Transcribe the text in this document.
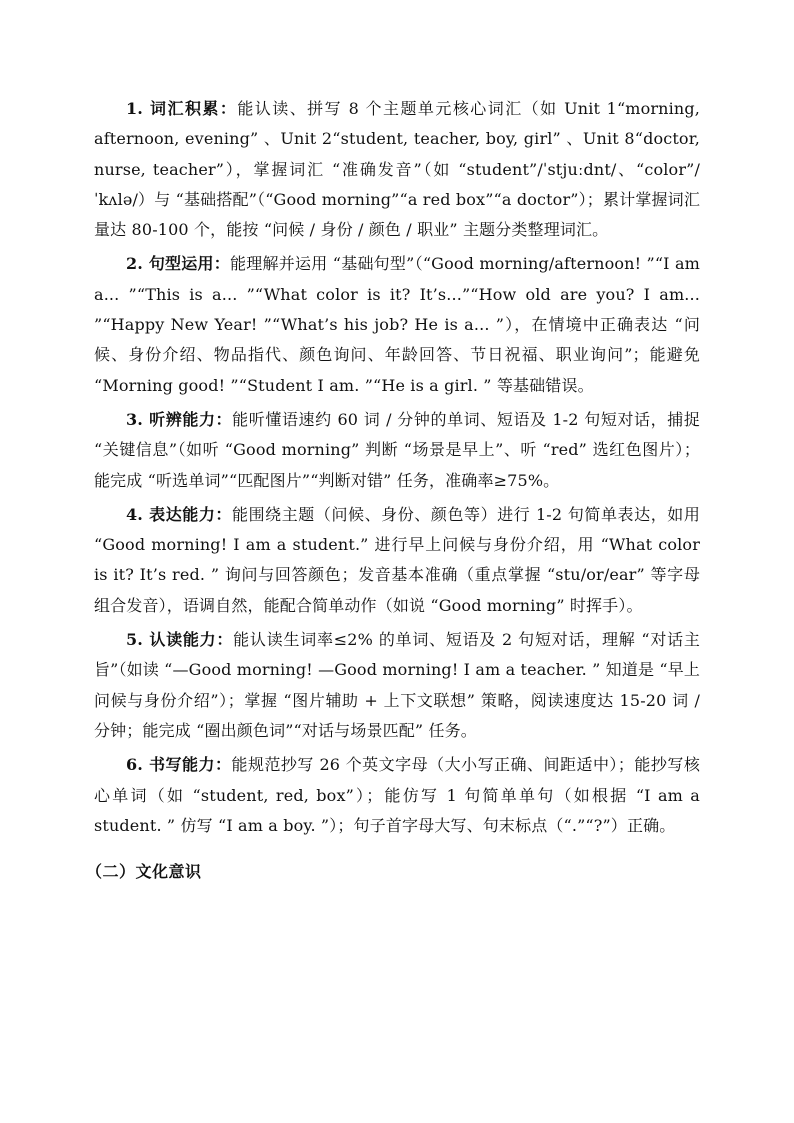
1. 词汇积累：能认读、拼写 8 个主题单元核心词汇（如 Unit 1“morning, afternoon, evening” 、Unit 2“student, teacher, boy, girl” 、Unit 8“doctor, nurse, teacher”），掌握词汇 “准确发音”（如 “student”/ˈstjuːdnt/、“color”/ˈkʌlə/）与 “基础搭配”（“Good morning”“a red box”“a doctor”）；累计掌握词汇量达 80-100 个，能按 “问候 / 身份 / 颜色 / 职业” 主题分类整理词汇。

2. 句型运用：能理解并运用 “基础句型”（“Good morning/afternoon! ”“I am a... ”“This is a... ”“What color is it? It’s...”“How old are you? I am... ”“Happy New Year! ”“What’s his job? He is a... ”），在情境中正确表达 “问候、身份介绍、物品指代、颜色询问、年龄回答、节日祝福、职业询问”；能避免 “Morning good! ”“Student I am. ”“He is a girl. ” 等基础错误。

3. 听辨能力：能听懂语速约 60 词 / 分钟的单词、短语及 1-2 句短对话，捕捉 “关键信息”（如听 “Good morning” 判断 “场景是早上”、听 “red” 选红色图片）；能完成 “听选单词”“匹配图片”“判断对错” 任务，准确率≥75%。

4. 表达能力：能围绕主题（问候、身份、颜色等）进行 1-2 句简单表达，如用 “Good morning! I am a student.” 进行早上问候与身份介绍，用 “What color is it? It’s red. ” 询问与回答颜色；发音基本准确（重点掌握 “stu/or/ear” 等字母组合发音），语调自然，能配合简单动作（如说 “Good morning” 时挥手）。

5. 认读能力：能认读生词率≤2% 的单词、短语及 2 句短对话，理解 “对话主旨”（如读 “—Good morning! —Good morning! I am a teacher. ” 知道是 “早上问候与身份介绍”）；掌握 “图片辅助 + 上下文联想” 策略，阅读速度达 15-20 词 / 分钟；能完成 “圈出颜色词”“对话与场景匹配” 任务。

6. 书写能力：能规范抄写 26 个英文字母（大小写正确、间距适中）；能抄写核心单词（如 “student, red, box”）；能仿写 1 句简单单句（如根据 “I am a student. ” 仿写 “I am a boy. ”）；句子首字母大写、句末标点（“.”“?”）正确。

（二）文化意识
